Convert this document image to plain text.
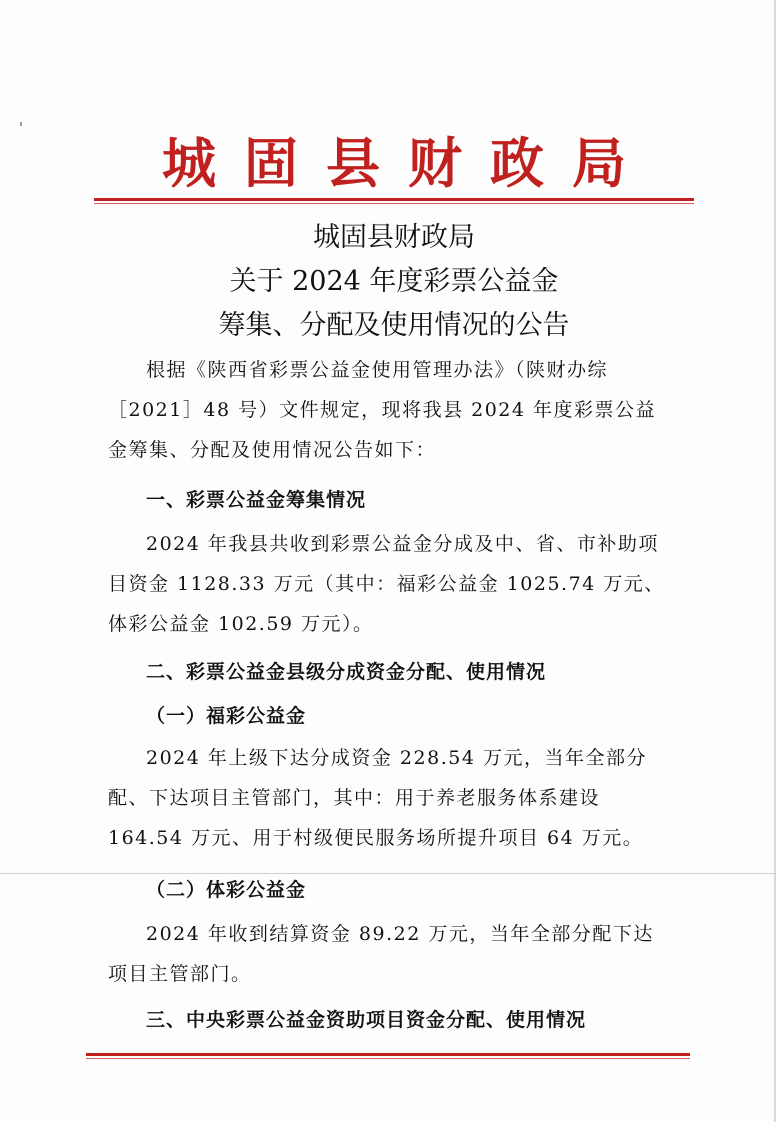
城固县财政局
城固县财政局
关于 2024 年度彩票公益金
筹集、分配及使用情况的公告

根据《陕西省彩票公益金使用管理办法》（陕财办综［2021］48 号）文件规定，现将我县 2024 年度彩票公益金筹集、分配及使用情况公告如下：

一、彩票公益金筹集情况

2024 年我县共收到彩票公益金分成及中、省、市补助项目资金 1128.33 万元（其中：福彩公益金 1025.74 万元、体彩公益金 102.59 万元）。

二、彩票公益金县级分成资金分配、使用情况

（一）福彩公益金

2024 年上级下达分成资金 228.54 万元，当年全部分配、下达项目主管部门，其中：用于养老服务体系建设 164.54 万元、用于村级便民服务场所提升项目 64 万元。

（二）体彩公益金

2024 年收到结算资金 89.22 万元，当年全部分配下达项目主管部门。

三、中央彩票公益金资助项目资金分配、使用情况
